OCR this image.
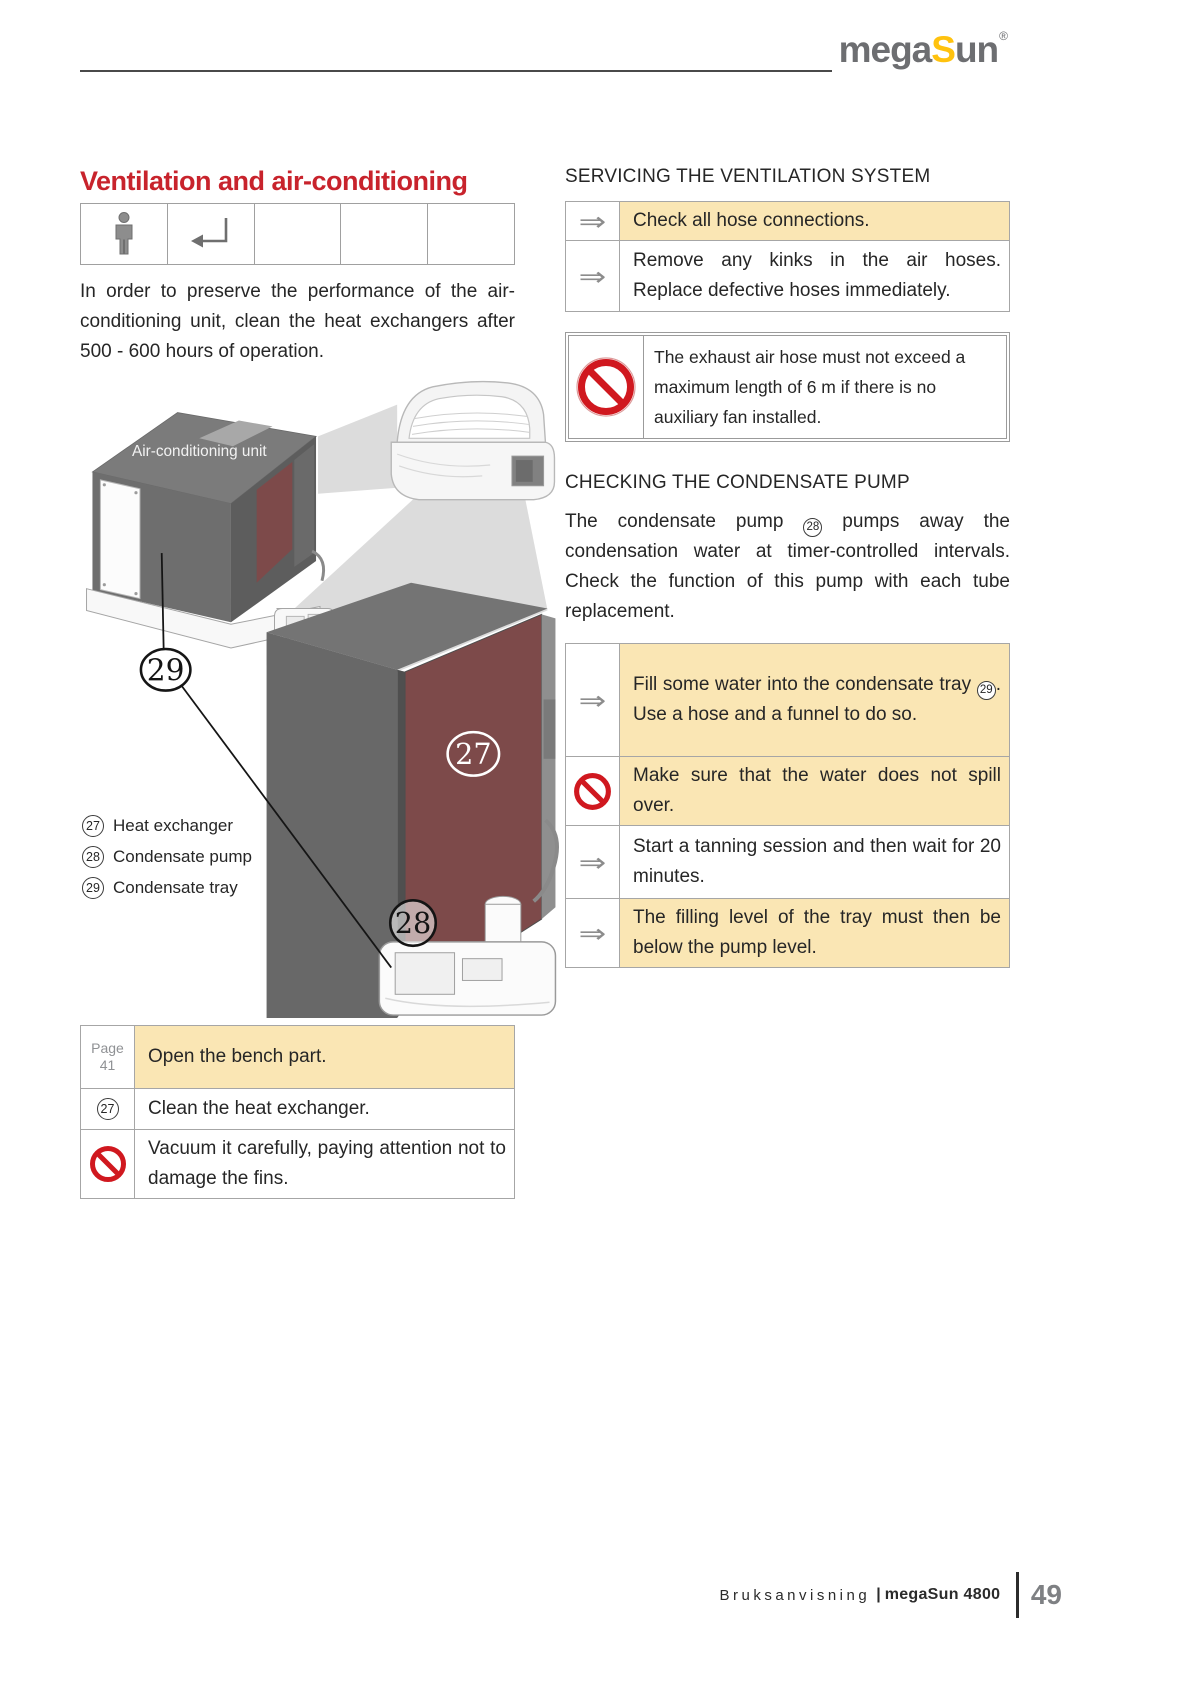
megaSun®
Ventilation and air-conditioning

In order to preserve the performance of the air-conditioning unit, clean the heat exchangers after 500 - 600 hours of operation.

Air-conditioning unit
27
28
29
27 Heat exchanger
28 Condensate pump
29 Condensate tray
Page
41	Open the bench part.
27 Clean the heat exchanger.
Vacuum it carefully, paying attention not to damage the fins.
SERVICING THE VENTILATION SYSTEM
⇒ Check all hose connections.
⇒
Remove any kinks in the air hoses. Replace defective hoses immediately.
The exhaust air hose must not exceed a maximum length of 6 m if there is no auxiliary fan installed.
CHECKING THE CONDENSATE PUMP

The condensate pump 28 pumps away the condensation water at timer-controlled intervals. Check the function of this pump with each tube replacement.

⇒
Fill some water into the condensate tray 29 . Use a hose and a funnel to do so.
Make sure that the water does not spill over.
⇒
Start a tanning session and then wait for 20 minutes.
⇒
The filling level of the tray must then be below the pump level.
Bruksanvisning | megaSun 4800 49
